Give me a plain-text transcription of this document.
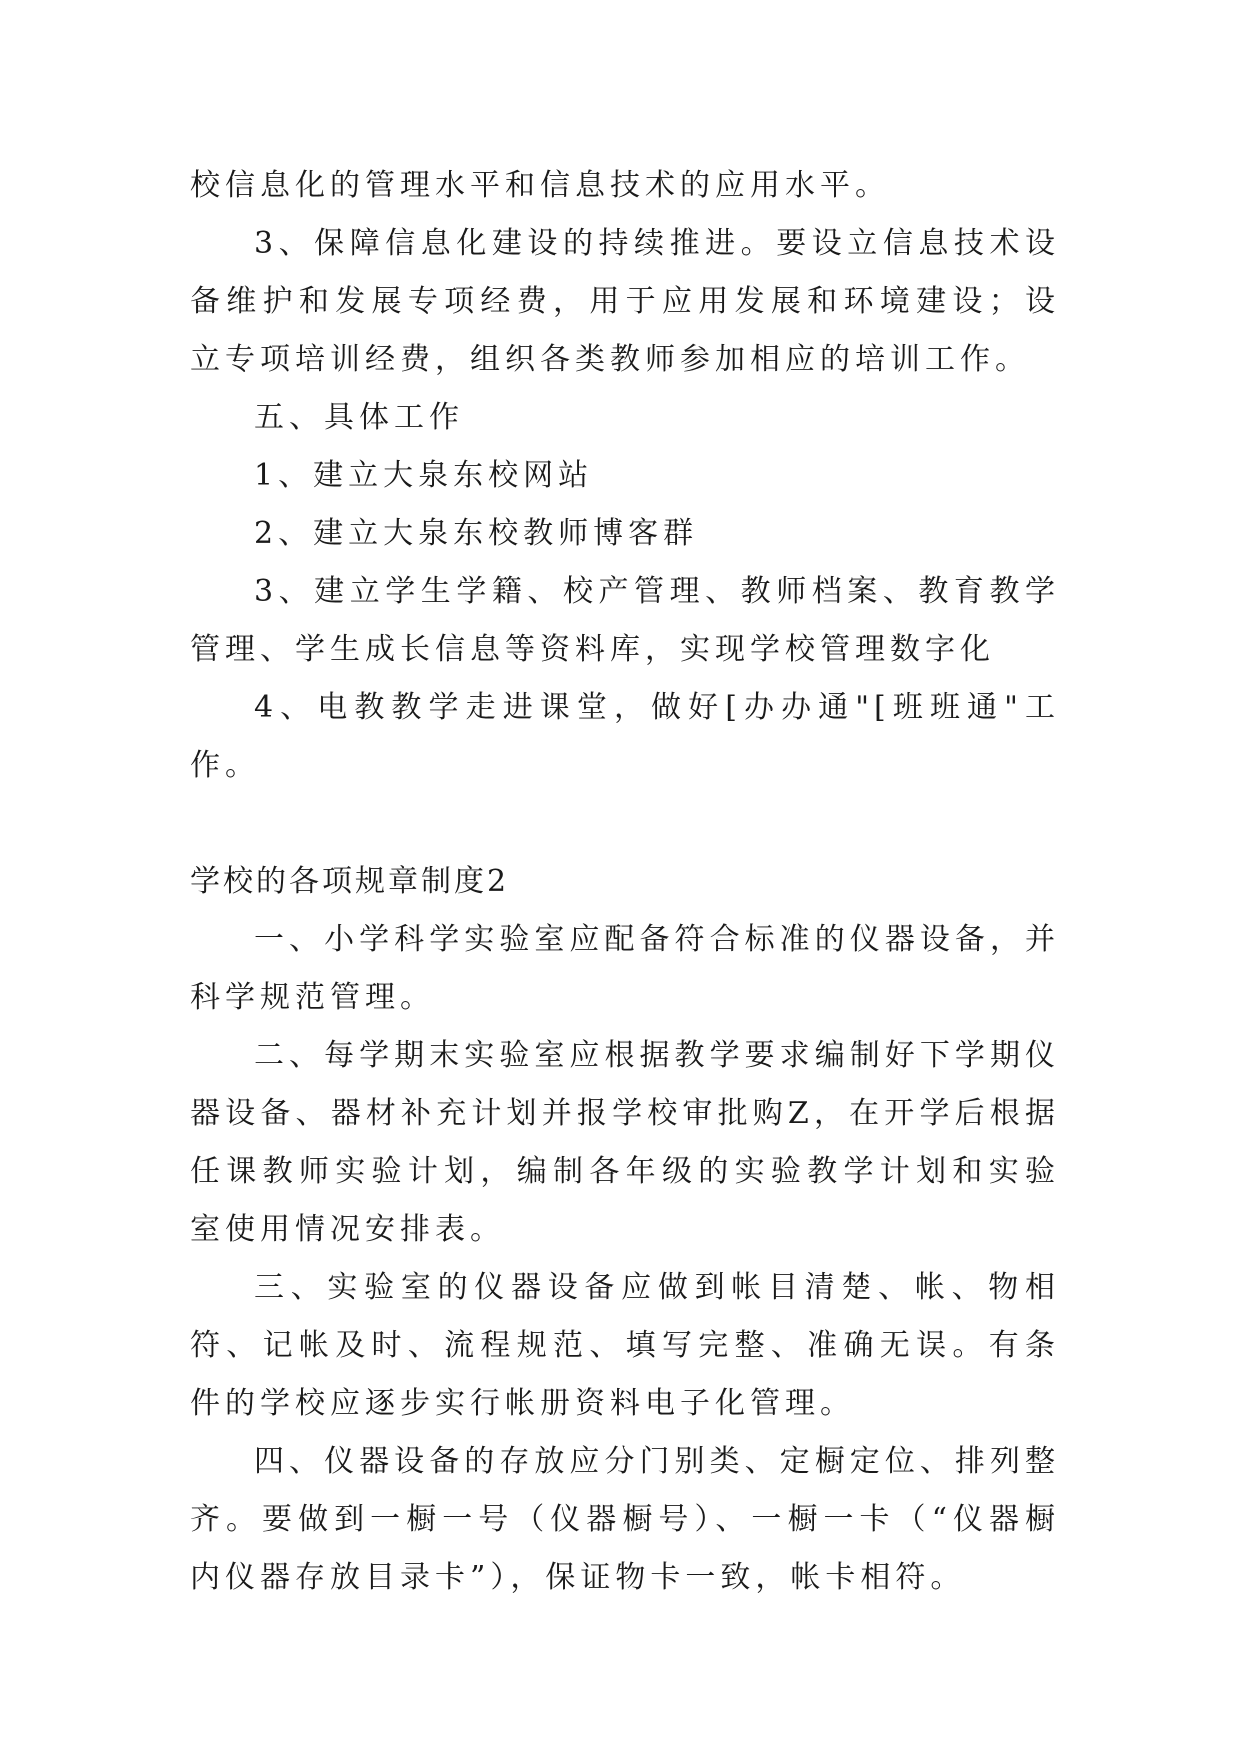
校信息化的管理水平和信息技术的应用水平。

3、保障信息化建设的持续推进。要设立信息技术设备维护和发展专项经费，用于应用发展和环境建设；设立专项培训经费，组织各类教师参加相应的培训工作。

五、具体工作

1、建立大泉东校网站

2、建立大泉东校教师博客群

3、建立学生学籍、校产管理、教师档案、教育教学管理、学生成长信息等资料库，实现学校管理数字化

4、电教教学走进课堂，做好[办办通"[班班通"工作。

学校的各项规章制度2

一、小学科学实验室应配备符合标准的仪器设备，并科学规范管理。

二、每学期末实验室应根据教学要求编制好下学期仪器设备、器材补充计划并报学校审批购Z，在开学后根据任课教师实验计划，编制各年级的实验教学计划和实验室使用情况安排表。

三、实验室的仪器设备应做到帐目清楚、帐、物相符、记帐及时、流程规范、填写完整、准确无误。有条件的学校应逐步实行帐册资料电子化管理。

四、仪器设备的存放应分门别类、定橱定位、排列整齐。要做到一橱一号（仪器橱号）、一橱一卡（“仪器橱内仪器存放目录卡”），保证物卡一致，帐卡相符。
